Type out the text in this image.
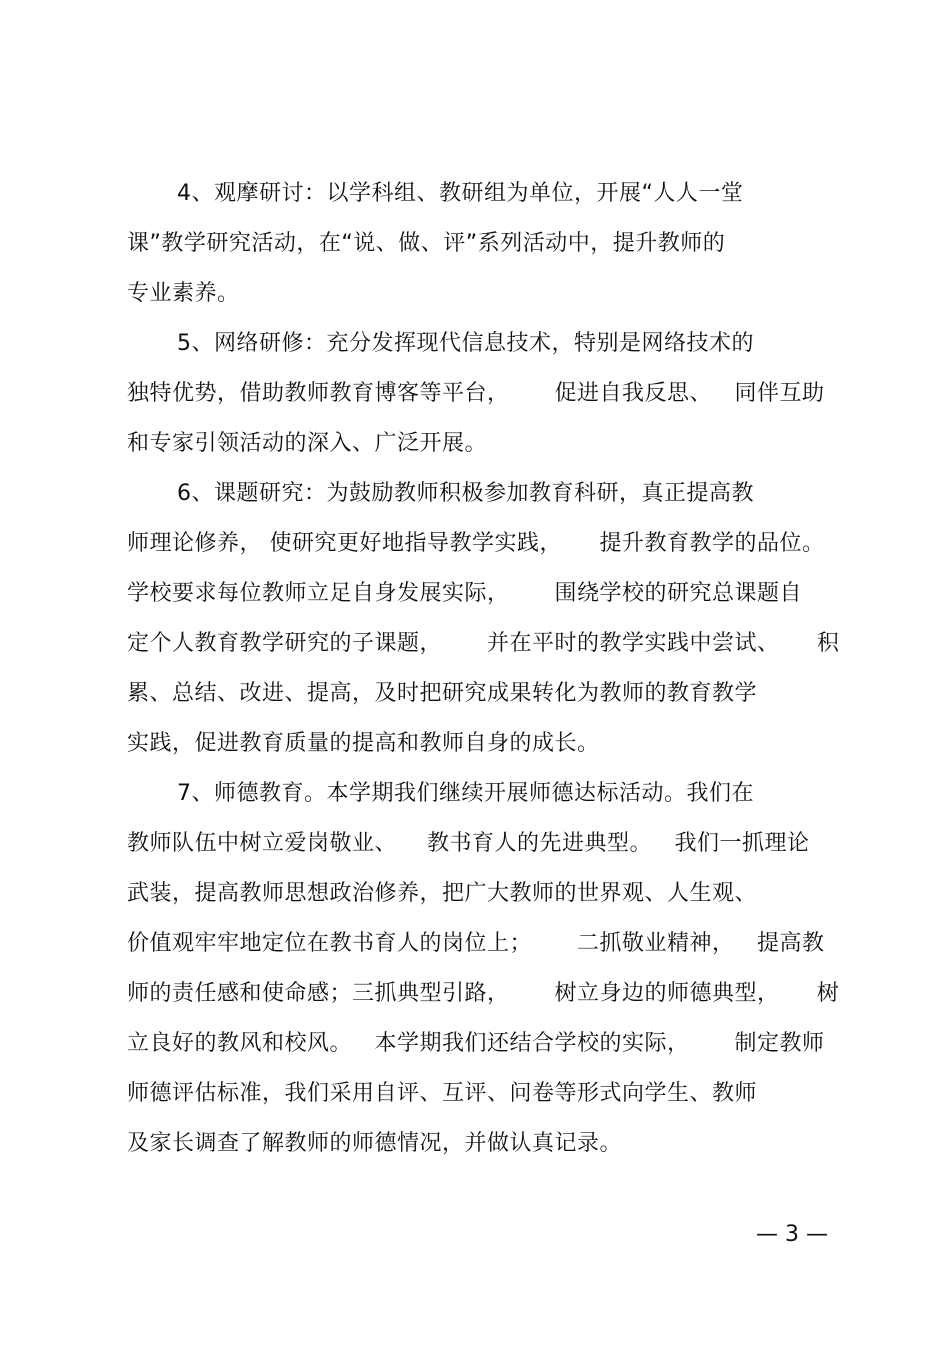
4、观摩研讨：以学科组、教研组为单位，开展“人人一堂
课”教学研究活动，在“说、做、评”系列活动中，提升教师的
专业素养。
5、网络研修：充分发挥现代信息技术，特别是网络技术的
独特优势，借助教师教育博客等平台，      促进自我反思、   同伴互助
和专家引领活动的深入、广泛开展。
6、课题研究：为鼓励教师积极参加教育科研，真正提高教
师理论修养， 使研究更好地指导教学实践，     提升教育教学的品位。
学校要求每位教师立足自身发展实际，      围绕学校的研究总课题自
定个人教育教学研究的子课题，      并在平时的教学实践中尝试、     积
累、总结、改进、提高，及时把研究成果转化为教师的教育教学
实践，促进教育质量的提高和教师自身的成长。
7、师德教育。本学期我们继续开展师德达标活动。我们在
教师队伍中树立爱岗敬业、    教书育人的先进典型。   我们一抓理论
武装，提高教师思想政治修养，把广大教师的世界观、人生观、
价值观牢牢地定位在教书育人的岗位上；      二抓敬业精神，   提高教
师的责任感和使命感；三抓典型引路，      树立身边的师德典型，     树
立良好的教风和校风。   本学期我们还结合学校的实际，      制定教师
师德评估标准，我们采用自评、互评、问卷等形式向学生、教师
及家长调查了解教师的师德情况，并做认真记录。
— 3 —
